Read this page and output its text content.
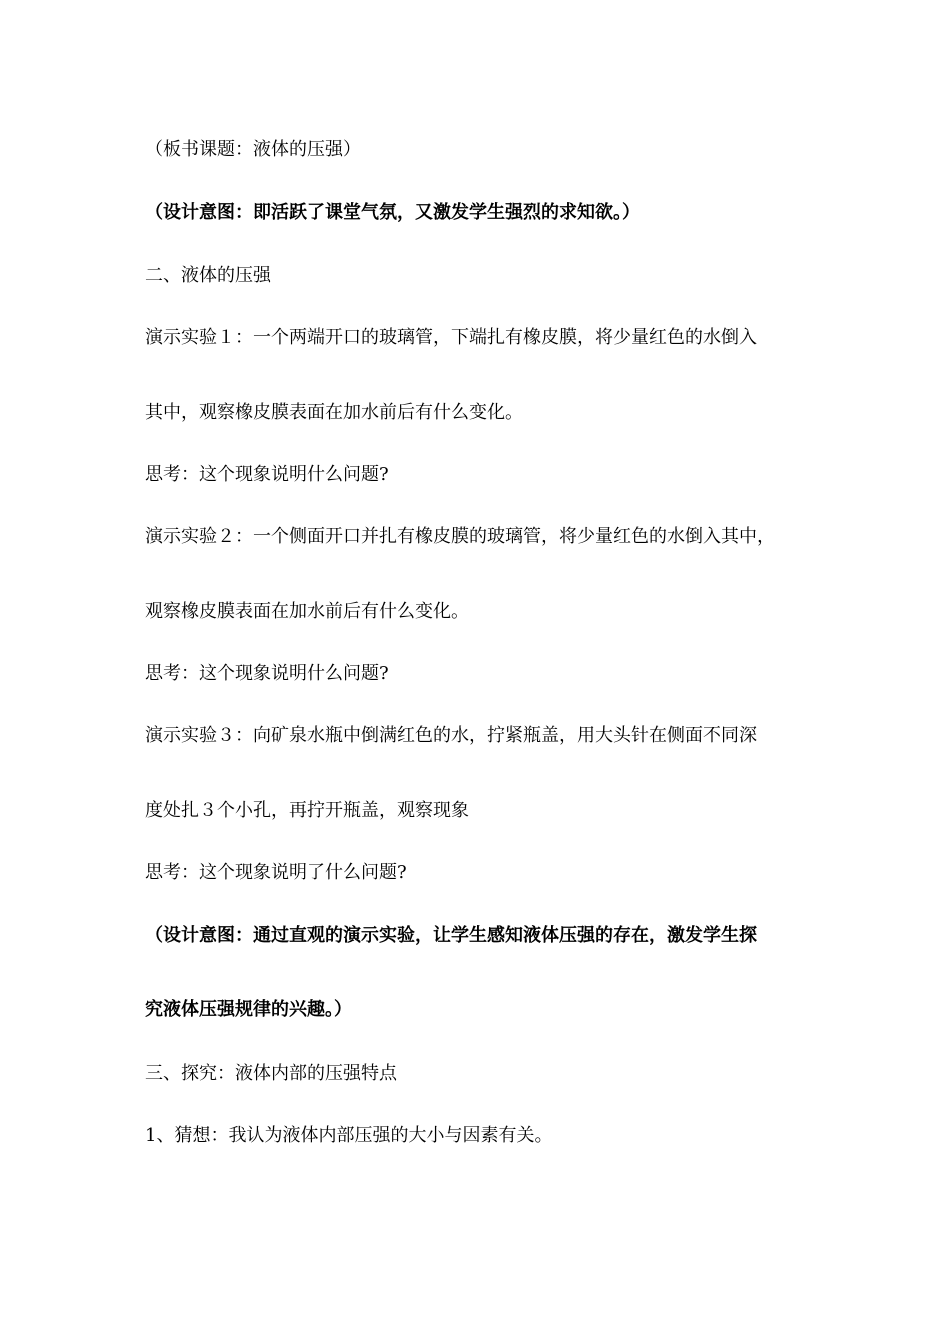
（板书课题：液体的压强）
（设计意图：即活跃了课堂气氛，又激发学生强烈的求知欲。）
二、液体的压强
演示实验１：一个两端开口的玻璃管，下端扎有橡皮膜，将少量红色的水倒入
其中，观察橡皮膜表面在加水前后有什么变化。
思考：这个现象说明什么问题?
演示实验２：一个侧面开口并扎有橡皮膜的玻璃管，将少量红色的水倒入其中，
观察橡皮膜表面在加水前后有什么变化。
思考：这个现象说明什么问题?
演示实验３：向矿泉水瓶中倒满红色的水，拧紧瓶盖，用大头针在侧面不同深
度处扎３个小孔，再拧开瓶盖，观察现象
思考：这个现象说明了什么问题?
（设计意图：通过直观的演示实验，让学生感知液体压强的存在，激发学生探
究液体压强规律的兴趣。）
三、探究：液体内部的压强特点
1、猜想：我认为液体内部压强的大小与因素有关。
